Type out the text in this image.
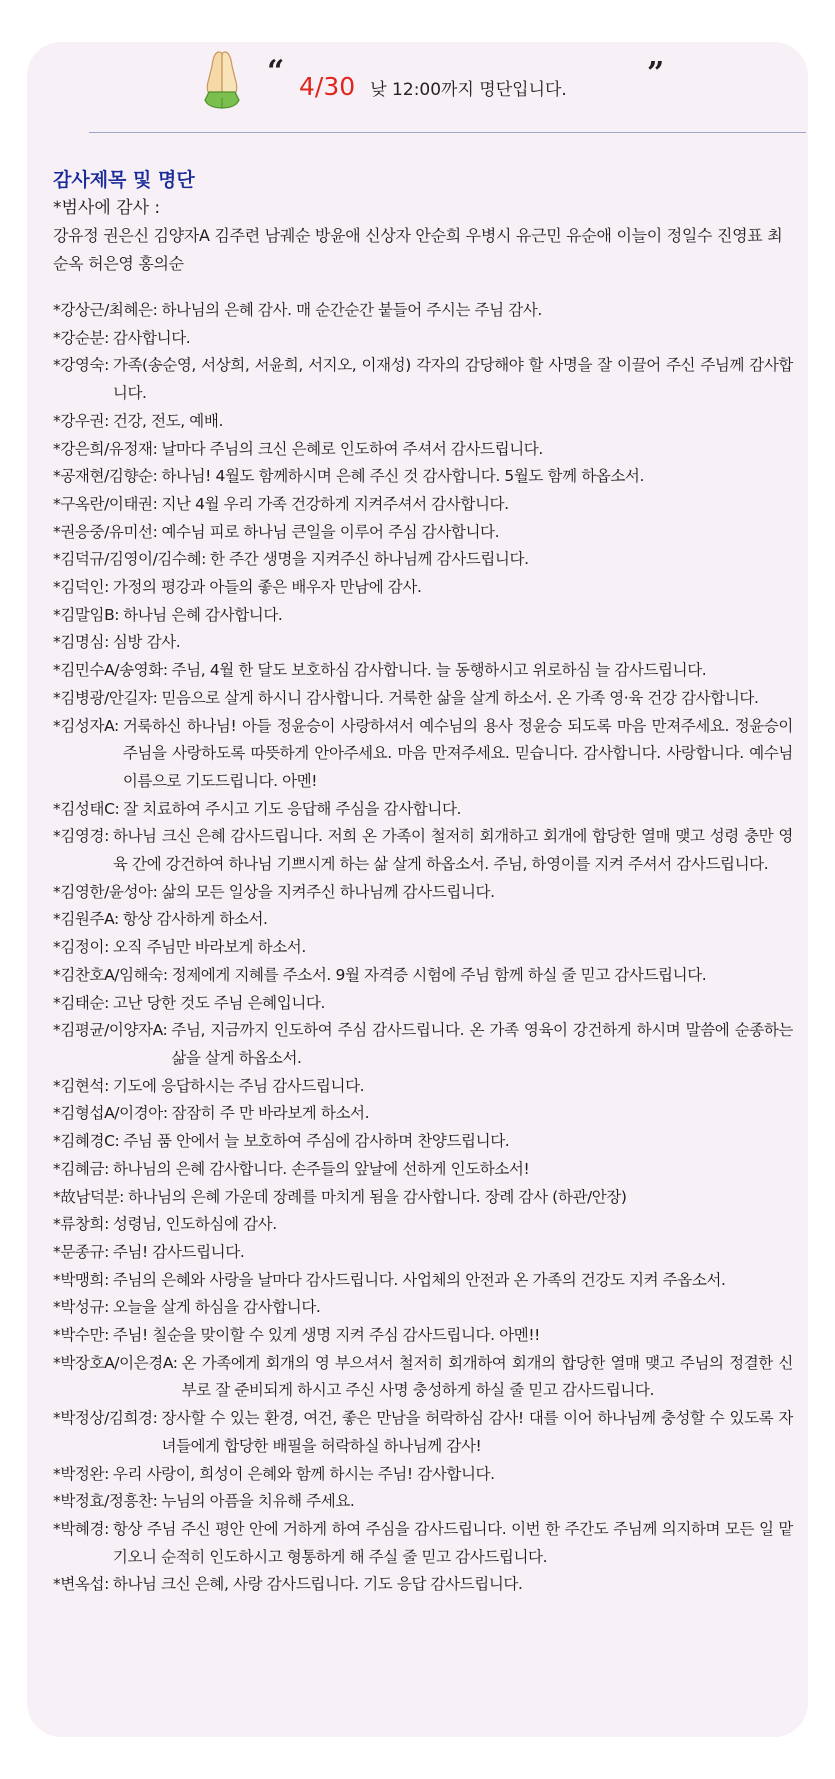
“ 4/30 낮 12:00까지 명단입니다.	”
감사제목 및 명단
*범사에 감사 :
강유정 권은신 김양자A 김주련 남궤순 방윤애 신상자 안순희 우병시 유근민 유순애 이늘이 정일수 진영표 최순옥 허은영 홍의순
*강상근/최혜은: 하나님의 은혜 감사. 매 순간순간 붙들어 주시는 주님 감사.
*강순분: 감사합니다.
*강영숙: 가족(송순영, 서상희, 서윤희, 서지오, 이재성) 각자의 감당해야 할 사명을 잘 이끌어 주신 주님께 감사합니다.
*강우권: 건강, 전도, 예배.
*강은희/유정재: 날마다 주님의 크신 은혜로 인도하여 주셔서 감사드립니다.
*공재현/김향순: 하나님! 4월도 함께하시며 은혜 주신 것 감사합니다. 5월도 함께 하옵소서.
*구옥란/이태권: 지난 4월 우리 가족 건강하게 지켜주셔서 감사합니다.
*권응중/유미선: 예수님 피로 하나님 큰일을 이루어 주심 감사합니다.
*김덕규/김영이/김수혜: 한 주간 생명을 지켜주신 하나님께 감사드립니다.
*김덕인: 가정의 평강과 아들의 좋은 배우자 만남에 감사.
*김말임B: 하나님 은혜 감사합니다.
*김명심: 심방 감사.
*김민수A/송영화: 주님, 4월 한 달도 보호하심 감사합니다. 늘 동행하시고 위로하심 늘 감사드립니다.
*김병광/안길자: 믿음으로 살게 하시니 감사합니다. 거룩한 삶을 살게 하소서. 온 가족 영·육 건강 감사합니다.
*김성자A: 거룩하신 하나님! 아들 정윤승이 사랑하셔서 예수님의 용사 정윤승 되도록 마음 만져주세요. 정윤승이 주님을 사랑하도록 따뜻하게 안아주세요. 마음 만져주세요. 믿습니다. 감사합니다. 사랑합니다. 예수님 이름으로 기도드립니다. 아멘!
*김성태C: 잘 치료하여 주시고 기도 응답해 주심을 감사합니다.
*김영경: 하나님 크신 은혜 감사드립니다. 저희 온 가족이 철저히 회개하고 회개에 합당한 열매 맺고 성령 충만 영육 간에 강건하여 하나님 기쁘시게 하는 삶 살게 하옵소서. 주님, 하영이를 지켜 주셔서 감사드립니다.
*김영한/윤성아: 삶의 모든 일상을 지켜주신 하나님께 감사드립니다.
*김원주A: 항상 감사하게 하소서.
*김정이: 오직 주님만 바라보게 하소서.
*김찬호A/임해숙: 정제에게 지혜를 주소서. 9월 자격증 시험에 주님 함께 하실 줄 믿고 감사드립니다.
*김태순: 고난 당한 것도 주님 은혜입니다.
*김평균/이양자A: 주님, 지금까지 인도하여 주심 감사드립니다. 온 가족 영육이 강건하게 하시며 말씀에 순종하는 삶을 살게 하옵소서.
*김현석: 기도에 응답하시는 주님 감사드립니다.
*김형섭A/이경아: 잠잠히 주 만 바라보게 하소서.
*김혜경C: 주님 품 안에서 늘 보호하여 주심에 감사하며 찬양드립니다.
*김혜금: 하나님의 은혜 감사합니다. 손주들의 앞날에 선하게 인도하소서!
*故남덕분: 하나님의 은혜 가운데 장례를 마치게 됨을 감사합니다. 장례 감사 (하관/안장)
*류창희: 성령님, 인도하심에 감사.
*문종규: 주님! 감사드립니다.
*박맹희: 주님의 은혜와 사랑을 날마다 감사드립니다. 사업체의 안전과 온 가족의 건강도 지켜 주옵소서.
*박성규: 오늘을 살게 하심을 감사합니다.
*박수만: 주님! 칠순을 맞이할 수 있게 생명 지켜 주심 감사드립니다. 아멘!!
*박장호A/이은경A: 온 가족에게 회개의 영 부으셔서 철저히 회개하여 회개의 합당한 열매 맺고 주님의 정결한 신부로 잘 준비되게 하시고 주신 사명 충성하게 하실 줄 믿고 감사드립니다.
*박정상/김희경: 장사할 수 있는 환경, 여건, 좋은 만남을 허락하심 감사! 대를 이어 하나님께 충성할 수 있도록 자녀들에게 합당한 배필을 허락하실 하나님께 감사!
*박정완: 우리 사랑이, 희성이 은혜와 함께 하시는 주님! 감사합니다.
*박정효/정흥찬: 누님의 아픔을 치유해 주세요.
*박혜경: 항상 주님 주신 평안 안에 거하게 하여 주심을 감사드립니다. 이번 한 주간도 주님께 의지하며 모든 일 맡기오니 순적히 인도하시고 형통하게 해 주실 줄 믿고 감사드립니다.
*변옥섭: 하나님 크신 은혜, 사랑 감사드립니다. 기도 응답 감사드립니다.
